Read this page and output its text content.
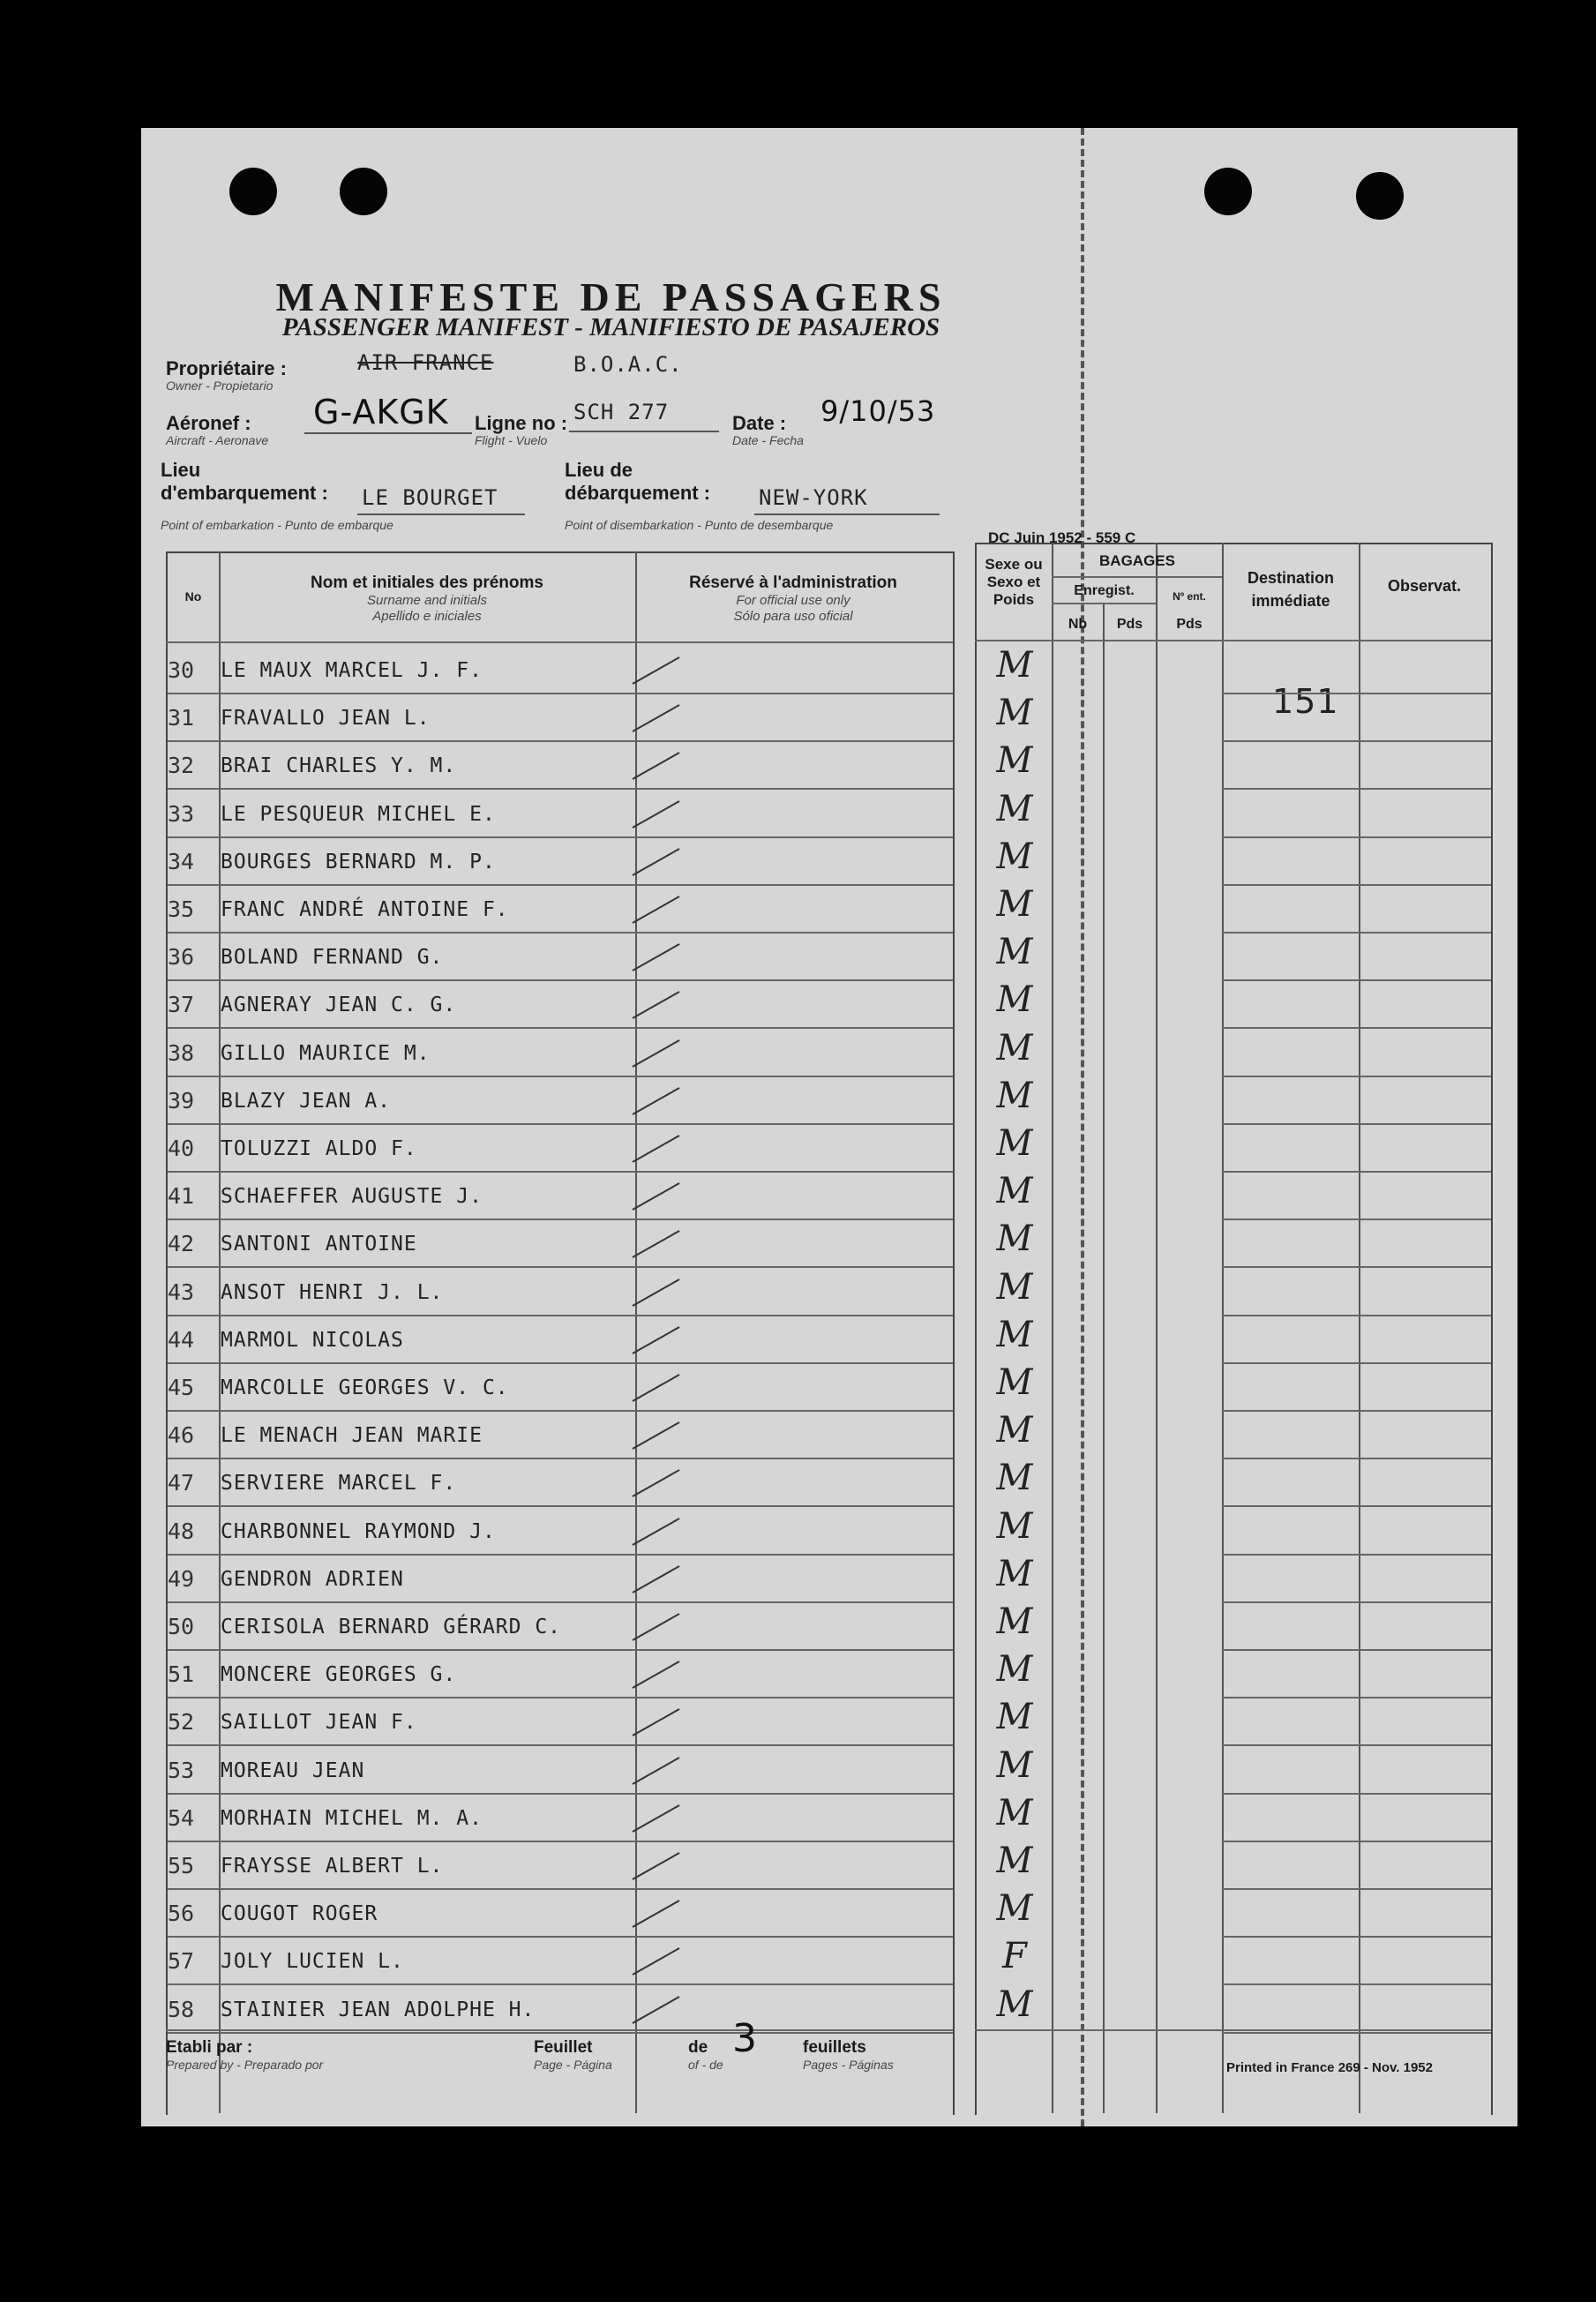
MANIFESTE DE PASSAGERS
PASSENGER MANIFEST - MANIFIESTO DE PASAJEROS
Propriétaire :
Owner - Propietario
AIR FRANCE	B.O.A.C.
Aéronef :
Aircraft - Aeronave
G-AKGK Ligne no :
Flight - Vuelo
SCH 277	Date :
Date - Fecha
9/10/53
Lieu d'embarquement :
Point of embarkation - Punto de embarque
LE BOURGET
Lieu de débarquement :
Point of disembarkation - Punto de desembarque
NEW-YORK
DC Juin 1952 - 559 C
No
Nom et initiales des prénoms
Surname and initials
Apellido e iniciales
Réservé à l'administration
For official use only
Sólo para uso oficial
Sexe ou Sexo et Poids
BAGAGES
Enregist.
Nb	Pds
Nº ent.
Pds
Destination immédiate
Observat.
151
30	LE MAUX MARCEL J. F.	M
31	FRAVALLO JEAN L.	M
32	BRAI CHARLES Y. M.	M
33	LE PESQUEUR MICHEL E.	M
34	BOURGES BERNARD M. P.	M
35	FRANC ANDRÉ ANTOINE F.	M
36	BOLAND FERNAND G.	M
37	AGNERAY JEAN C. G.	M
38	GILLO MAURICE M.	M
39	BLAZY JEAN A.	M
40	TOLUZZI ALDO F.	M
41	SCHAEFFER AUGUSTE J.	M
42	SANTONI ANTOINE	M
43	ANSOT HENRI J. L.	M
44	MARMOL NICOLAS	M
45	MARCOLLE GEORGES V. C.	M
46	LE MENACH JEAN MARIE	M
47	SERVIERE MARCEL F.	M
48	CHARBONNEL RAYMOND J.	M
49	GENDRON ADRIEN	M
50	CERISOLA BERNARD GÉRARD C.	M
51	MONCERE GEORGES G.	M
52	SAILLOT JEAN F.	M
53	MOREAU JEAN	M
54	MORHAIN MICHEL M. A.	M
55	FRAYSSE ALBERT L.	M
56	COUGOT ROGER	M
57	JOLY LUCIEN L.	F
58	STAINIER JEAN ADOLPHE H.	M
Etabli par :
Prepared by - Preparado por
Feuillet
Page - Página
de
of - de
3	feuillets
Pages - Páginas	Printed in France 269 - Nov. 1952
